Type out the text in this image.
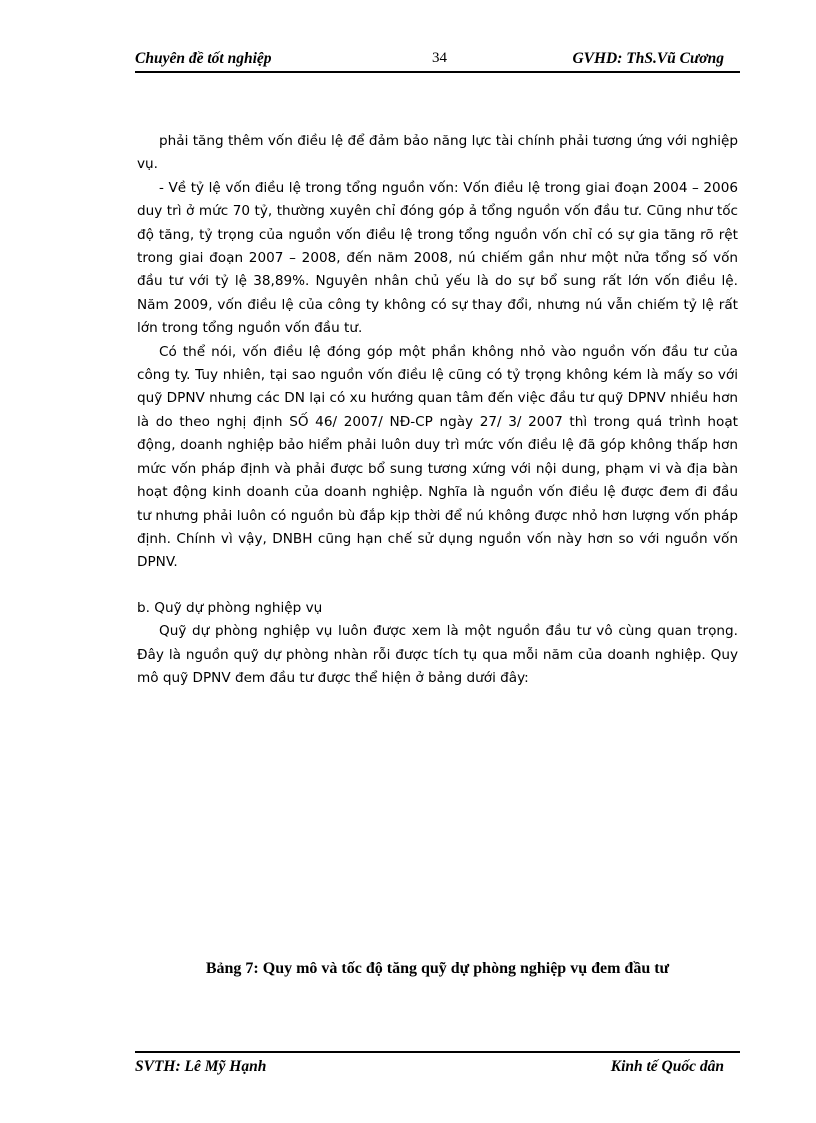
Chuyên đề tốt nghiệp	34	GVHD: ThS.Vũ Cương

phải tăng thêm vốn điều lệ để đảm bảo năng lực tài chính phải tương ứng với nghiệp vụ.

- Về tỷ lệ vốn điều lệ trong tổng nguồn vốn: Vốn điều lệ trong giai đoạn 2004 – 2006 duy trì ở mức 70 tỷ, thường xuyên chỉ đóng góp ả tổng nguồn vốn đầu tư. Cũng như tốc độ tăng, tỷ trọng của nguồn vốn điều lệ trong tổng nguồn vốn chỉ có sự gia tăng rõ rệt trong giai đoạn 2007 – 2008, đến năm 2008, nú chiếm gần như một nửa tổng số vốn đầu tư với tỷ lệ 38,89%. Nguyên nhân chủ yếu là do sự bổ sung rất lớn vốn điều lệ. Năm 2009, vốn điều lệ của công ty không có sự thay đổi, nhưng nú vẫn chiếm tỷ lệ rất lớn trong tổng nguồn vốn đầu tư.

Có thể nói, vốn điều lệ đóng góp một phần không nhỏ vào nguồn vốn đầu tư của công ty. Tuy nhiên, tại sao nguồn vốn điều lệ cũng có tỷ trọng không kém là mấy so với quỹ DPNV nhưng các DN lại có xu hướng quan tâm đến việc đầu tư quỹ DPNV nhiều hơn là do theo nghị định SỐ 46/ 2007/ NĐ-CP ngày 27/ 3/ 2007 thì trong quá trình hoạt động, doanh nghiệp bảo hiểm phải luôn duy trì mức vốn điều lệ đã góp không thấp hơn mức vốn pháp định và phải được bổ sung tương xứng với nội dung, phạm vi và địa bàn hoạt động kinh doanh của doanh nghiệp. Nghĩa là nguồn vốn điều lệ được đem đi đầu tư nhưng phải luôn có nguồn bù đắp kịp thời để nú không được nhỏ hơn lượng vốn pháp định. Chính vì vậy, DNBH cũng hạn chế sử dụng nguồn vốn này hơn so với nguồn vốn DPNV.

b. Quỹ dự phòng nghiệp vụ

Quỹ dự phòng nghiệp vụ luôn được xem là một nguồn đầu tư vô cùng quan trọng. Đây là nguồn quỹ dự phòng nhàn rỗi được tích tụ qua mỗi năm của doanh nghiệp. Quy mô quỹ DPNV đem đầu tư được thể hiện ở bảng dưới đây:

Bảng 7: Quy mô và tốc độ tăng quỹ dự phòng nghiệp vụ đem đầu tư
SVTH: Lê Mỹ Hạnh	Kinh tế Quốc dân
